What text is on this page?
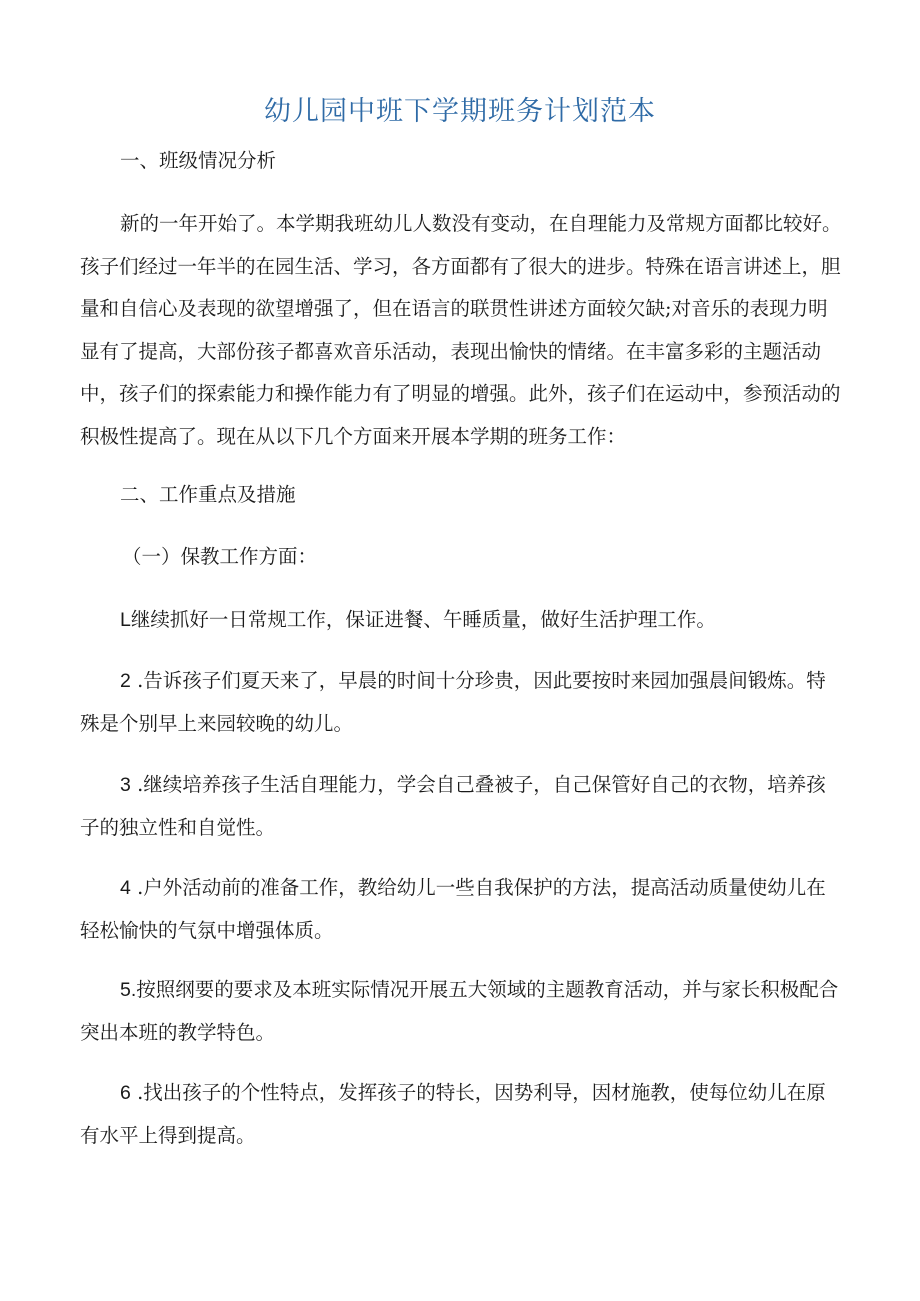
幼儿园中班下学期班务计划范本

一、班级情况分析

新的一年开始了。本学期我班幼儿人数没有变动，在自理能力及常规方面都比较好。孩子们经过一年半的在园生活、学习，各方面都有了很大的进步。特殊在语言讲述上，胆量和自信心及表现的欲望增强了，但在语言的联贯性讲述方面较欠缺;对音乐的表现力明显有了提高，大部份孩子都喜欢音乐活动，表现出愉快的情绪。在丰富多彩的主题活动中，孩子们的探索能力和操作能力有了明显的增强。此外，孩子们在运动中，参预活动的积极性提高了。现在从以下几个方面来开展本学期的班务工作：

二、工作重点及措施

（一）保教工作方面：

L继续抓好一日常规工作，保证进餐、午睡质量，做好生活护理工作。

2 .告诉孩子们夏天来了，早晨的时间十分珍贵，因此要按时来园加强晨间锻炼。特殊是个别早上来园较晚的幼儿。

3 .继续培养孩子生活自理能力，学会自己叠被子，自己保管好自己的衣物，培养孩子的独立性和自觉性。

4 .户外活动前的准备工作，教给幼儿一些自我保护的方法，提高活动质量使幼儿在轻松愉快的气氛中增强体质。

5.按照纲要的要求及本班实际情况开展五大领域的主题教育活动，并与家长积极配合突出本班的教学特色。

6 .找出孩子的个性特点，发挥孩子的特长，因势利导，因材施教，使每位幼儿在原有水平上得到提高。
